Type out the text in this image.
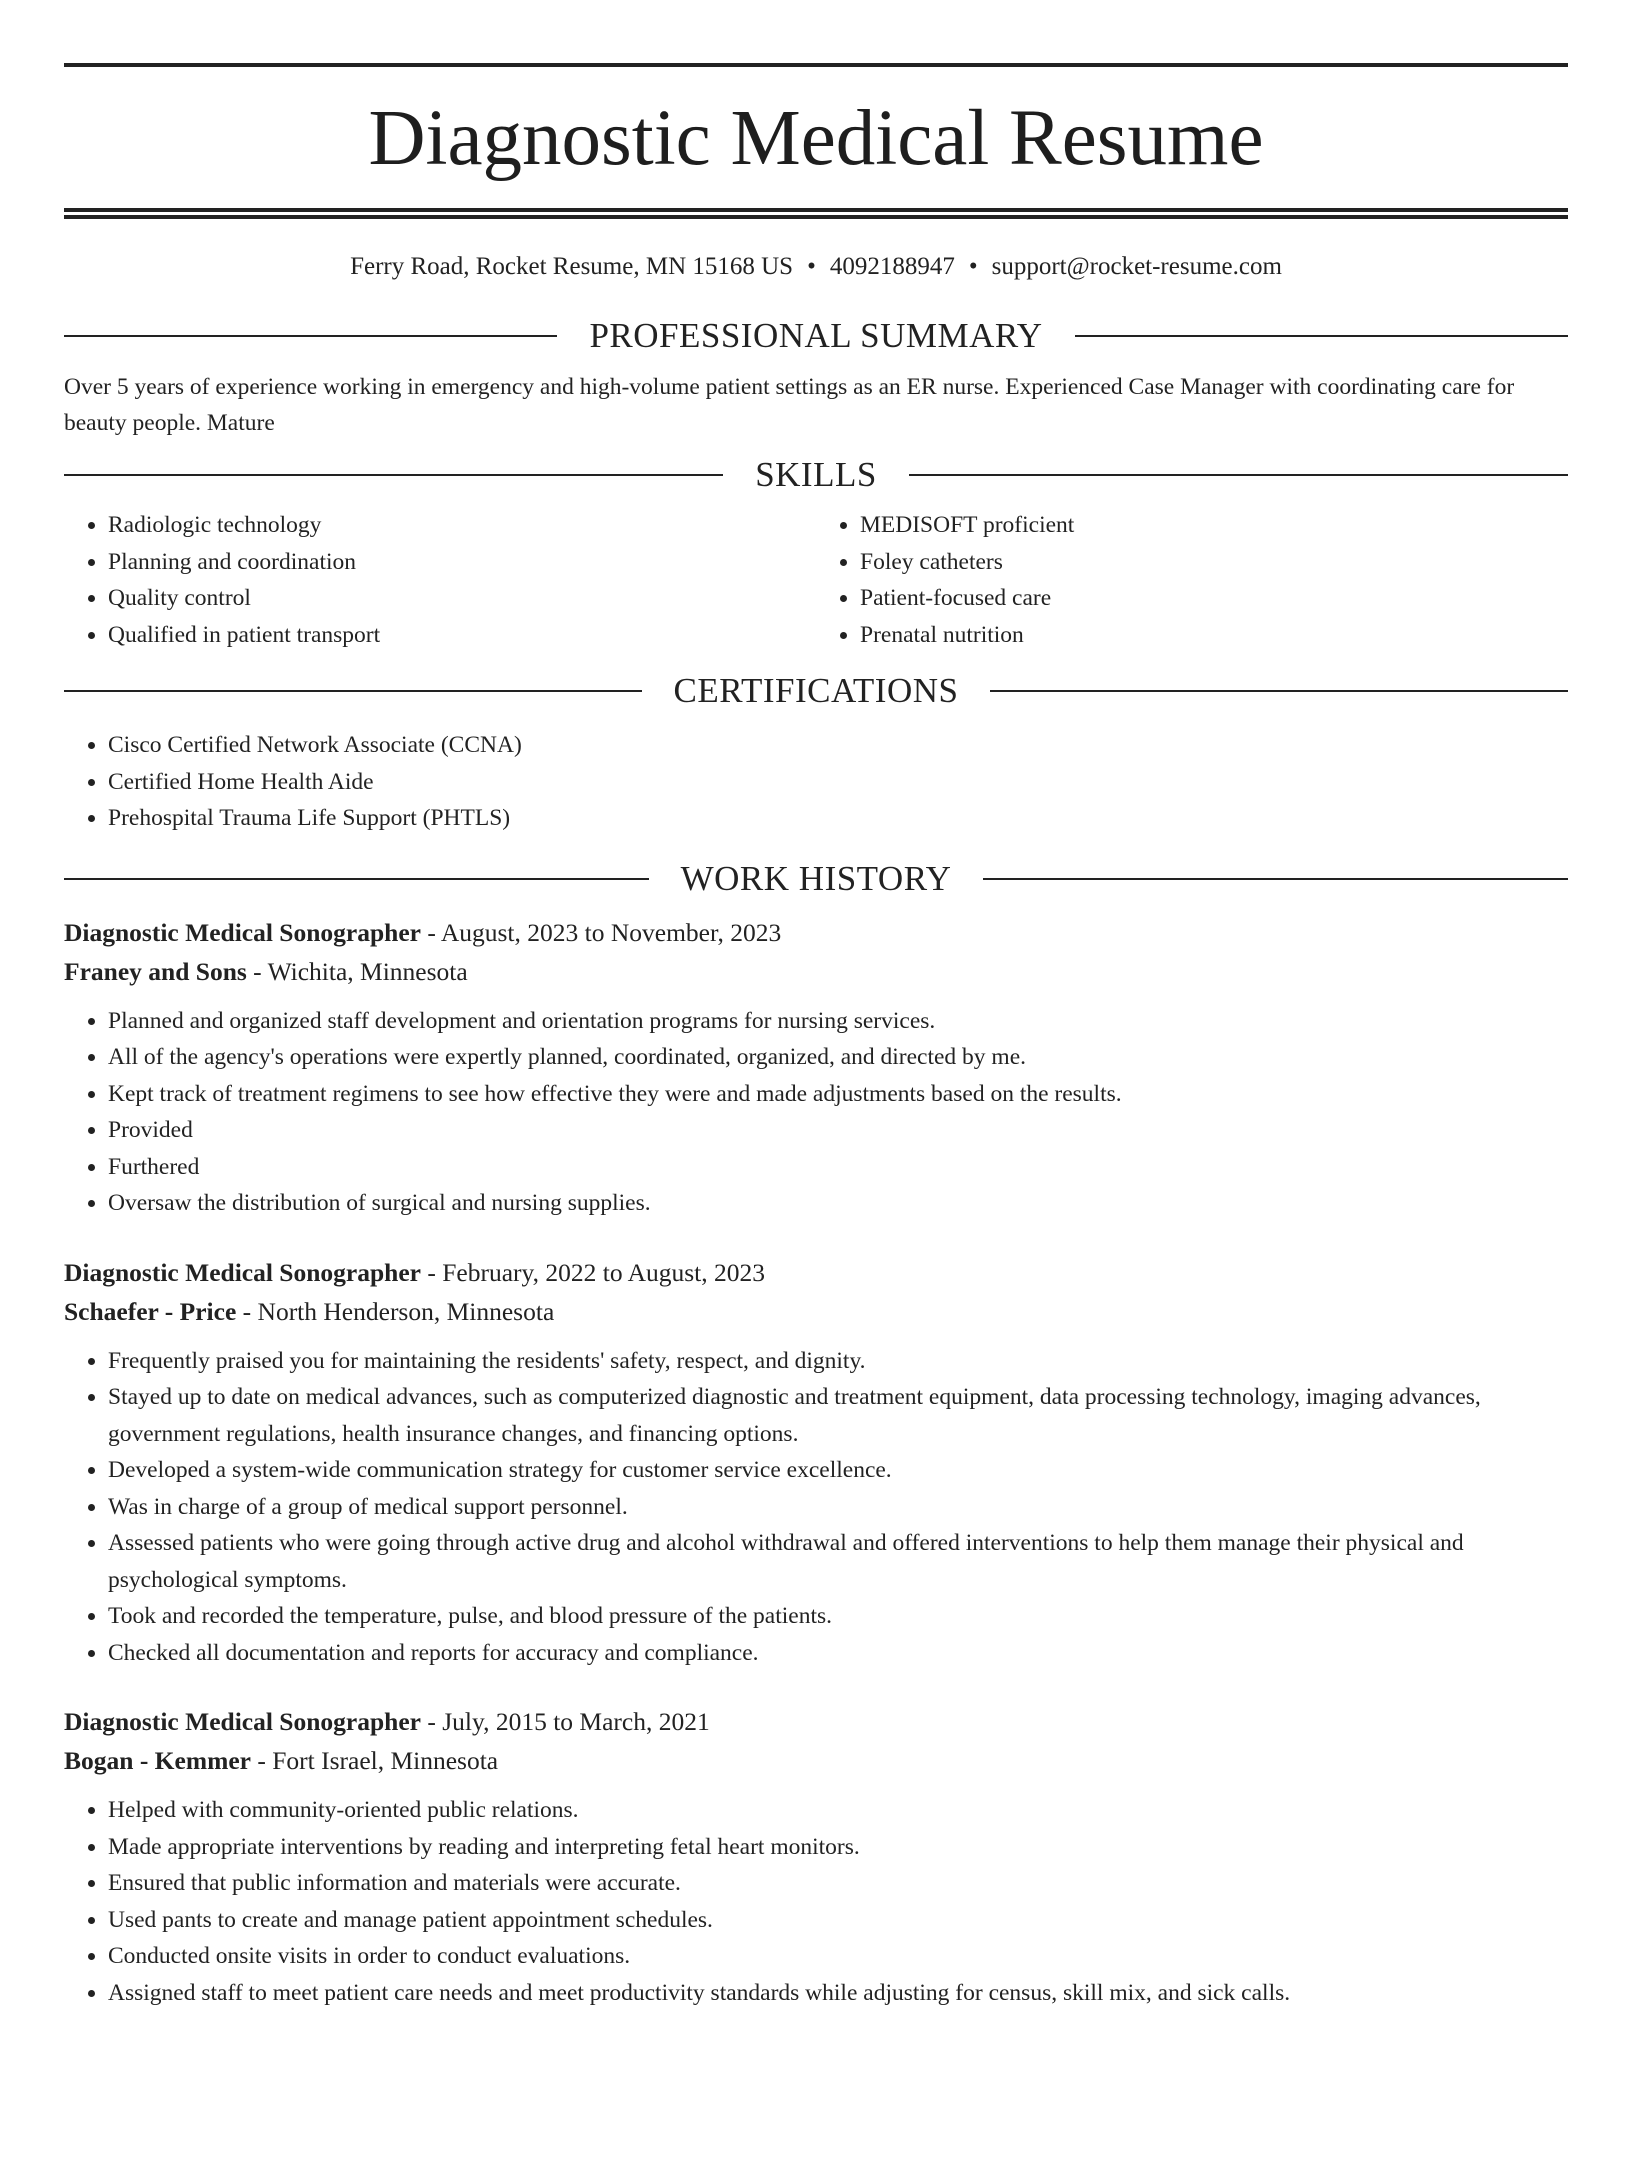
Diagnostic Medical Resume
Ferry Road, Rocket Resume, MN 15168 US • 4092188947 • support@rocket-resume.com
PROFESSIONAL SUMMARY

Over 5 years of experience working in emergency and high-volume patient settings as an ER nurse. Experienced Case Manager with coordinating care for beauty people. Mature

SKILLS
• Radiologic technology
• Planning and coordination
• Quality control
• Qualified in patient transport
• MEDISOFT proficient
• Foley catheters
• Patient-focused care
• Prenatal nutrition
CERTIFICATIONS
• Cisco Certified Network Associate (CCNA)
• Certified Home Health Aide
• Prehospital Trauma Life Support (PHTLS)
WORK HISTORY
Diagnostic Medical Sonographer - August, 2023 to November, 2023
Franey and Sons - Wichita, Minnesota
• Planned and organized staff development and orientation programs for nursing services.
• All of the agency's operations were expertly planned, coordinated, organized, and directed by me.
• Kept track of treatment regimens to see how effective they were and made adjustments based on the results.
• Provided
• Furthered
• Oversaw the distribution of surgical and nursing supplies.
Diagnostic Medical Sonographer - February, 2022 to August, 2023
Schaefer - Price - North Henderson, Minnesota
• Frequently praised you for maintaining the residents' safety, respect, and dignity.
• Stayed up to date on medical advances, such as computerized diagnostic and treatment equipment, data processing technology, imaging advances, government regulations, health insurance changes, and financing options.
• Developed a system-wide communication strategy for customer service excellence.
• Was in charge of a group of medical support personnel.
• Assessed patients who were going through active drug and alcohol withdrawal and offered interventions to help them manage their physical and psychological symptoms.
• Took and recorded the temperature, pulse, and blood pressure of the patients.
• Checked all documentation and reports for accuracy and compliance.
Diagnostic Medical Sonographer - July, 2015 to March, 2021
Bogan - Kemmer - Fort Israel, Minnesota
• Helped with community-oriented public relations.
• Made appropriate interventions by reading and interpreting fetal heart monitors.
• Ensured that public information and materials were accurate.
• Used pants to create and manage patient appointment schedules.
• Conducted onsite visits in order to conduct evaluations.
• Assigned staff to meet patient care needs and meet productivity standards while adjusting for census, skill mix, and sick calls.
